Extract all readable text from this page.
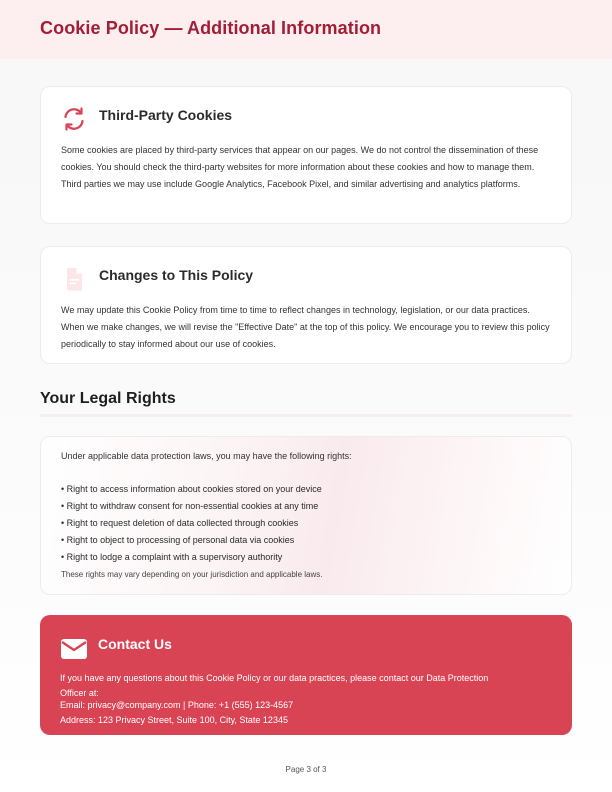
Cookie Policy — Additional Information
Third-Party Cookies

Some cookies are placed by third-party services that appear on our pages. We do not control the dissemination of these cookies. You should check the third-party websites for more information about these cookies and how to manage them. Third parties we may use include Google Analytics, Facebook Pixel, and similar advertising and analytics platforms.

Changes to This Policy

We may update this Cookie Policy from time to time to reflect changes in technology, legislation, or our data practices. When we make changes, we will revise the "Effective Date" at the top of this policy. We encourage you to review this policy periodically to stay informed about our use of cookies.

Your Legal Rights
Under applicable data protection laws, you may have the following rights:
• Right to access information about cookies stored on your device
• Right to withdraw consent for non-essential cookies at any time
• Right to request deletion of data collected through cookies
• Right to object to processing of personal data via cookies
• Right to lodge a complaint with a supervisory authority
These rights may vary depending on your jurisdiction and applicable laws.
Contact Us
If you have any questions about this Cookie Policy or our data practices, please contact our Data Protection
Officer at:
Email: privacy@company.com | Phone: +1 (555) 123-4567
Address: 123 Privacy Street, Suite 100, City, State 12345
Page 3 of 3
